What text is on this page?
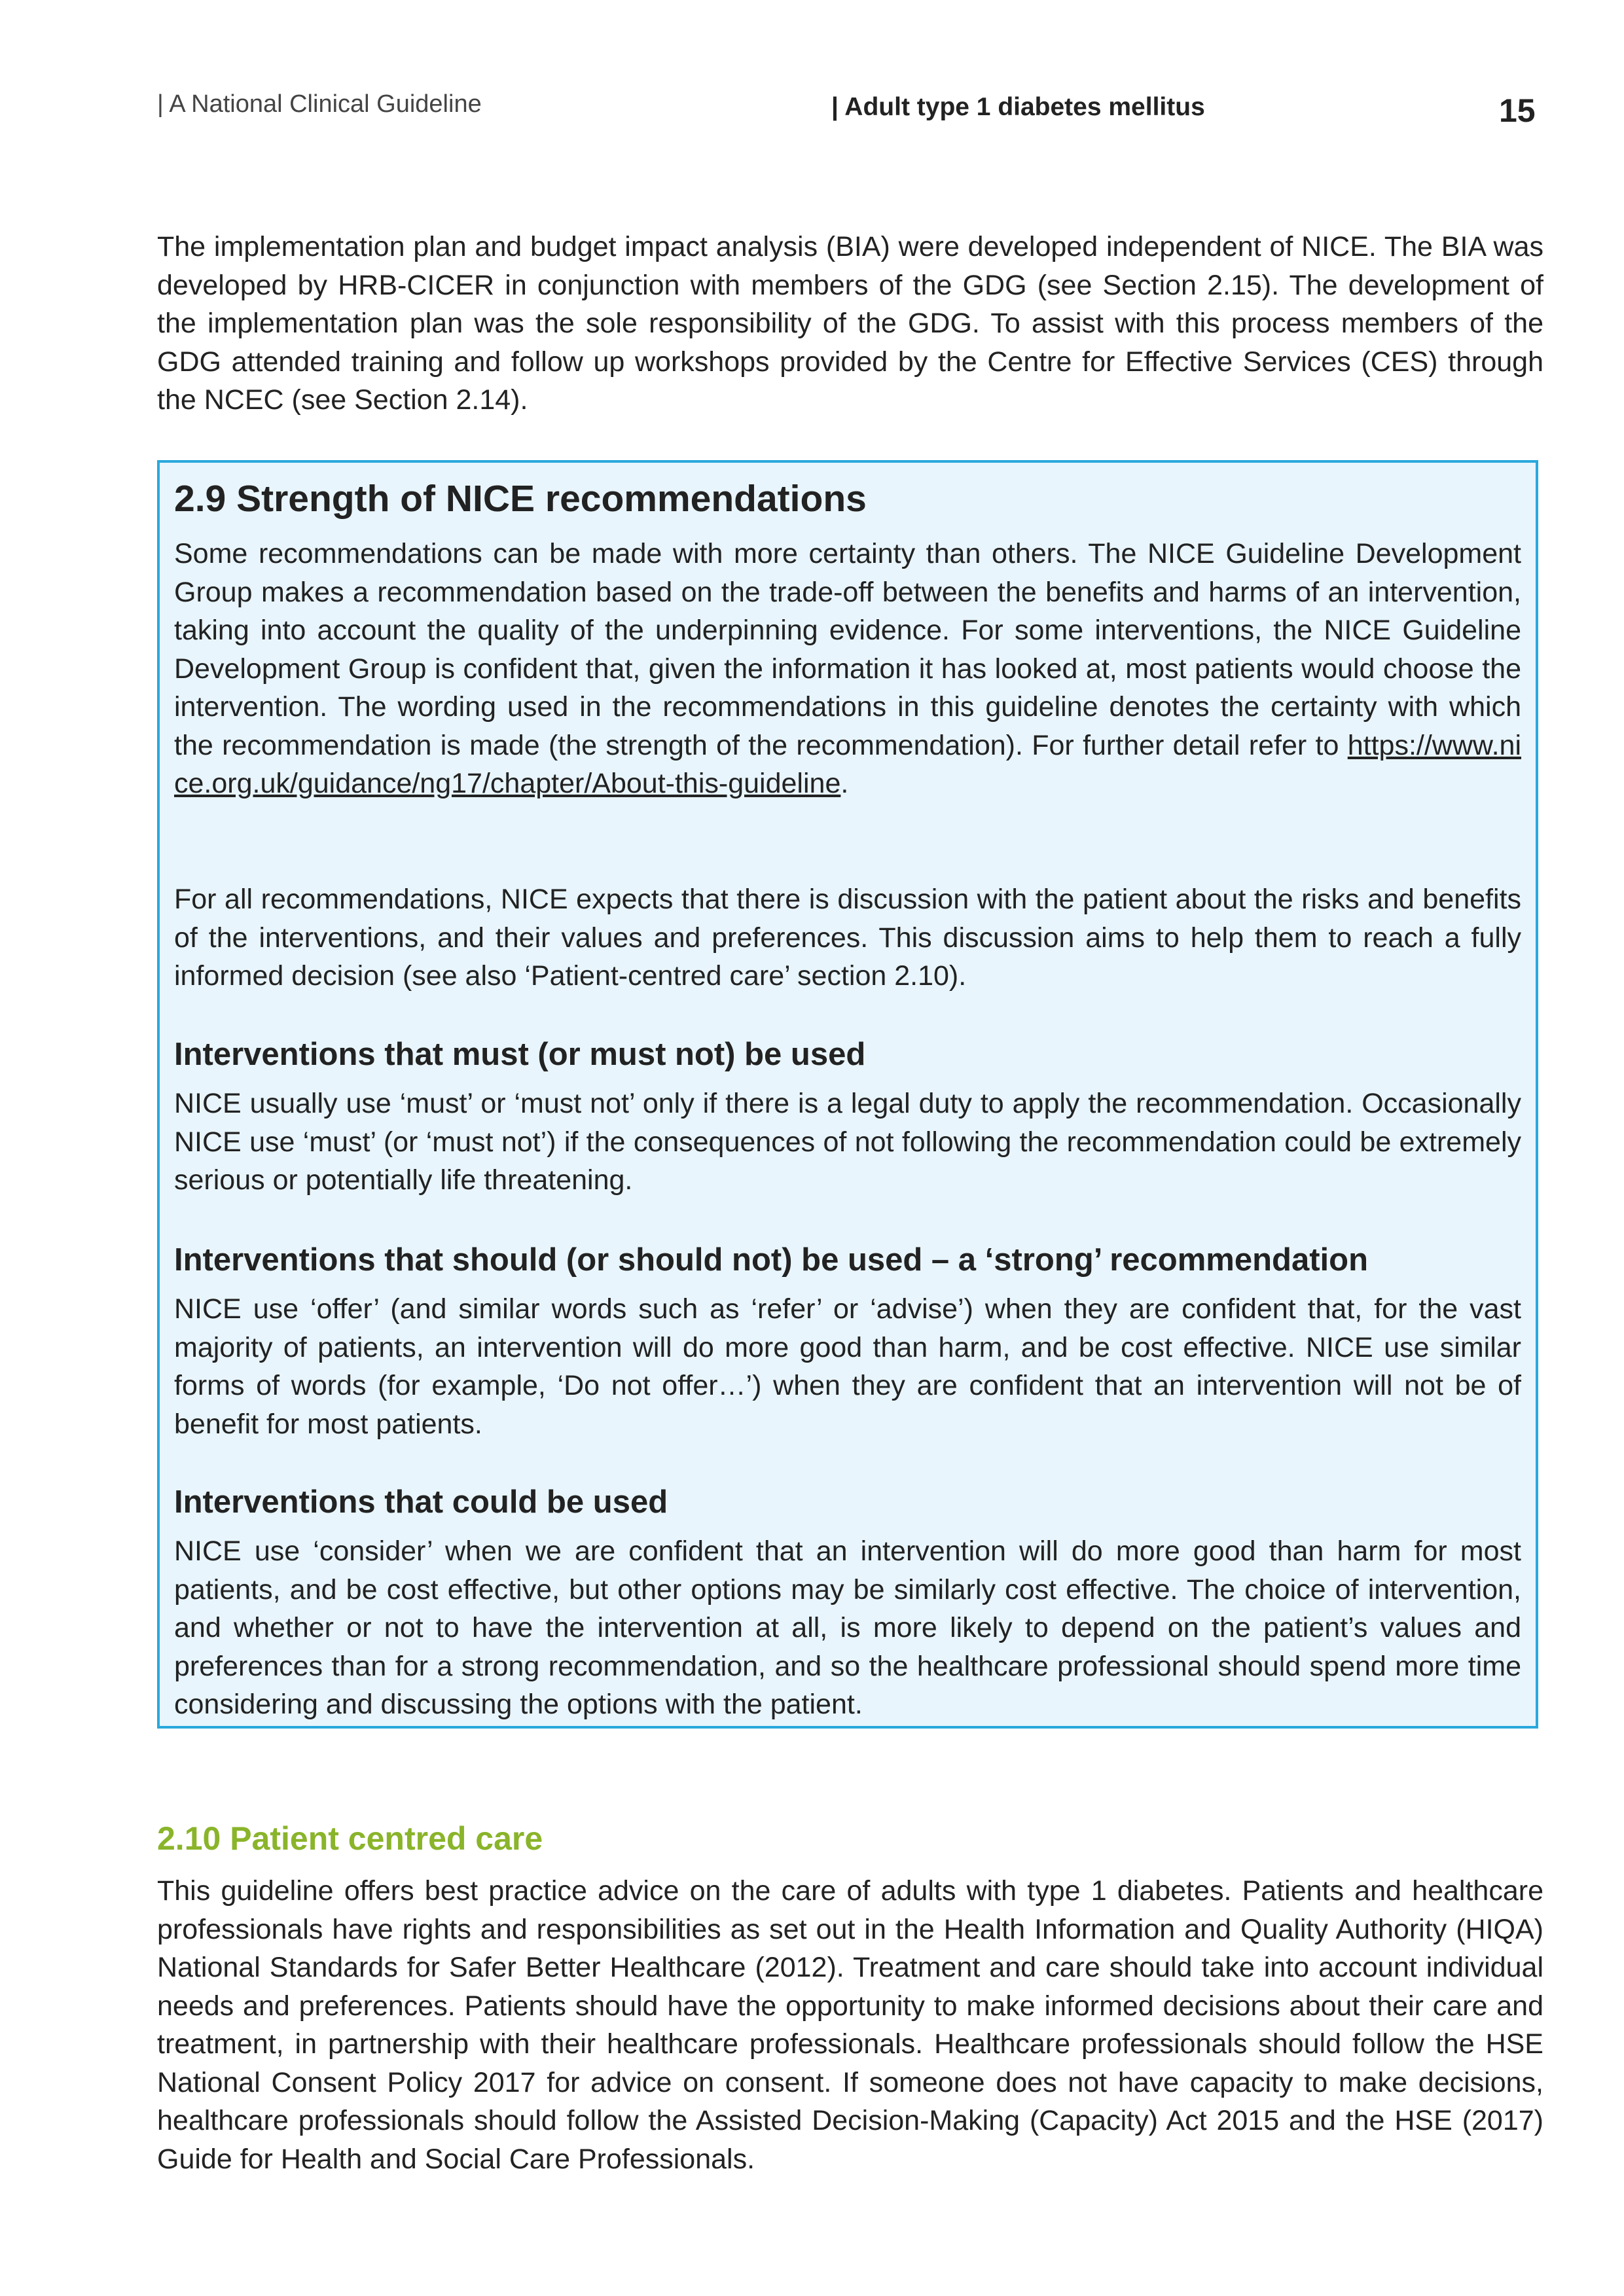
| A National Clinical Guideline	| Adult type 1 diabetes mellitus	15

The implementation plan and budget impact analysis (BIA) were developed independent of NICE. The BIA was developed by HRB-CICER in conjunction with members of the GDG (see Section 2.15). The development of the implementation plan was the sole responsibility of the GDG. To assist with this process members of the GDG attended training and follow up workshops provided by the Centre for Effective Services (CES) through the NCEC (see Section 2.14).

2.9 Strength of NICE recommendations

Some recommendations can be made with more certainty than others. The NICE Guideline Development Group makes a recommendation based on the trade-off between the benefits and harms of an intervention, taking into account the quality of the underpinning evidence. For some interventions, the NICE Guideline Development Group is confident that, given the information it has looked at, most patients would choose the intervention. The wording used in the recommendations in this guideline denotes the certainty with which the recommendation is made (the strength of the recommendation). For further detail refer to https://www.nice.org.uk/guidance/ng17/chapter/About-this-guideline.

For all recommendations, NICE expects that there is discussion with the patient about the risks and benefits of the interventions, and their values and preferences. This discussion aims to help them to reach a fully informed decision (see also ‘Patient-centred care’ section 2.10).

Interventions that must (or must not) be used

NICE usually use ‘must’ or ‘must not’ only if there is a legal duty to apply the recommendation. Occasionally NICE use ‘must’ (or ‘must not’) if the consequences of not following the recommendation could be extremely serious or potentially life threatening.

Interventions that should (or should not) be used – a ‘strong’ recommendation

NICE use ‘offer’ (and similar words such as ‘refer’ or ‘advise’) when they are confident that, for the vast majority of patients, an intervention will do more good than harm, and be cost effective. NICE use similar forms of words (for example, ‘Do not offer…’) when they are confident that an intervention will not be of benefit for most patients.

Interventions that could be used

NICE use ‘consider’ when we are confident that an intervention will do more good than harm for most patients, and be cost effective, but other options may be similarly cost effective. The choice of intervention, and whether or not to have the intervention at all, is more likely to depend on the patient’s values and preferences than for a strong recommendation, and so the healthcare professional should spend more time considering and discussing the options with the patient.

2.10 Patient centred care

This guideline offers best practice advice on the care of adults with type 1 diabetes. Patients and healthcare professionals have rights and responsibilities as set out in the Health Information and Quality Authority (HIQA) National Standards for Safer Better Healthcare (2012). Treatment and care should take into account individual needs and preferences. Patients should have the opportunity to make informed decisions about their care and treatment, in partnership with their healthcare professionals. Healthcare professionals should follow the HSE National Consent Policy 2017 for advice on consent. If someone does not have capacity to make decisions, healthcare professionals should follow the Assisted Decision-Making (Capacity) Act 2015 and the HSE (2017) Guide for Health and Social Care Professionals.
